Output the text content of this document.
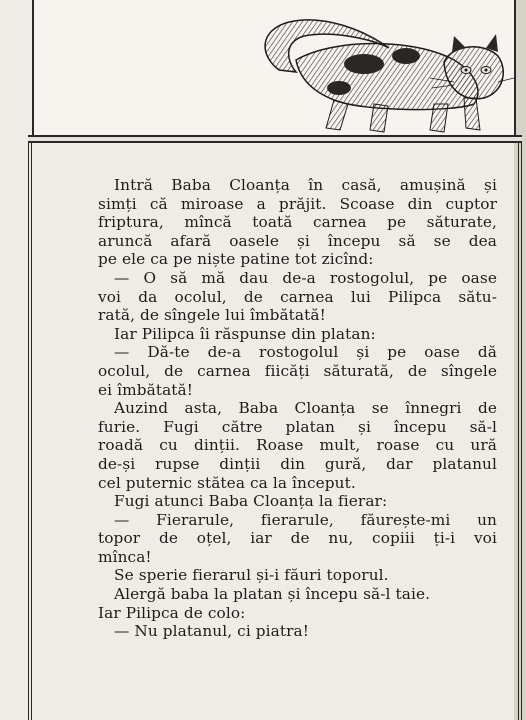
Intră Baba Cloanța în casă, amușină și
simți că miroase a prăjit. Scoase din cuptor
friptura, mîncă toată carnea pe săturate,
aruncă afară oasele și începu să se dea
pe ele ca pe niște patine tot zicînd:
— O să mă dau de-a rostogolul, pe oase
voi da ocolul, de carnea lui Pilipca sătu-
rată, de sîngele lui îmbătată!
Iar Pilipca îi răspunse din platan:
— Dă-te de-a rostogolul și pe oase dă
ocolul, de carnea fiicăți săturată, de sîngele
ei îmbătată!
Auzind asta, Baba Cloanța se înnegri de
furie. Fugi către platan și începu să-l
roadă cu dinții. Roase mult, roase cu ură
de-și rupse dinții din gură, dar platanul
cel puternic stătea ca la început.
Fugi atunci Baba Cloanța la fierar:
— Fierarule, fierarule, făurește-mi un
topor de oțel, iar de nu, copiii ți-i voi
mînca!
Se sperie fierarul și-i făuri toporul.
Alergă baba la platan și începu să-l taie.
Iar Pilipca de colo:
— Nu platanul, ci piatra!
